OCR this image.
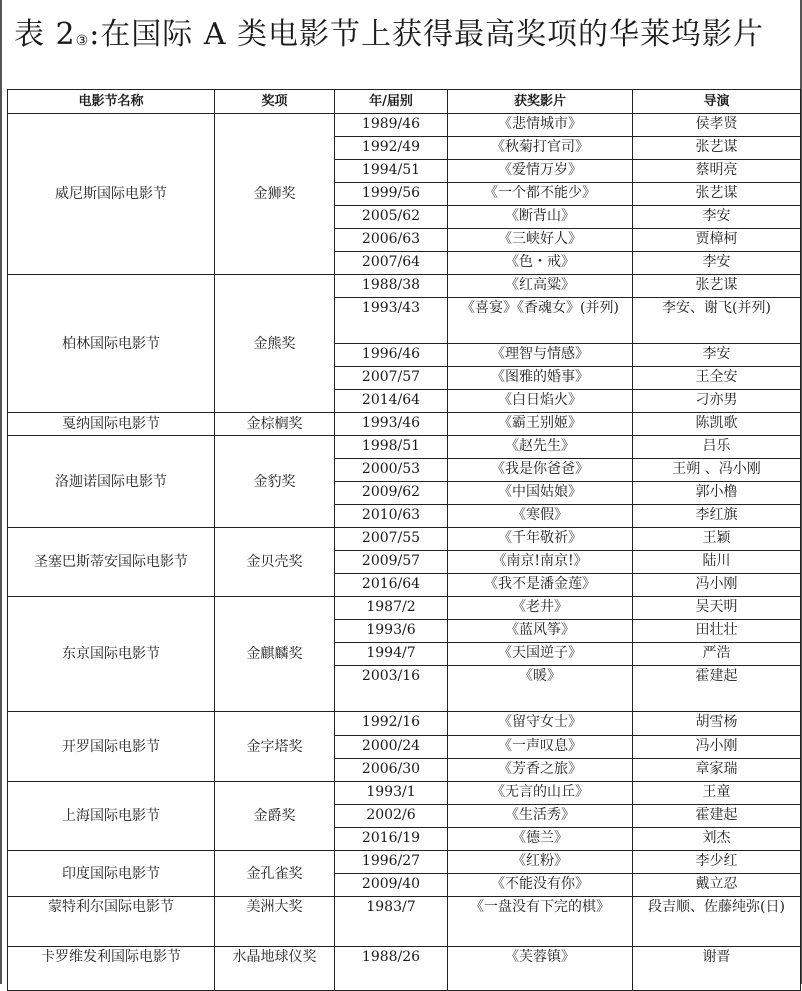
表 2③:在国际 A 类电影节上获得最高奖项的华莱坞影片
电影节名称	奖项	年/届别	获奖影片	导演
威尼斯国际电影节	金狮奖	1989/46	《悲情城市》	侯孝贤
		1992/49	《秋菊打官司》	张艺谋
		1994/51	《爱情万岁》	蔡明亮
		1999/56	《一个都不能少》	张艺谋
		2005/62	《断背山》	李安
		2006/63	《三峡好人》	贾樟柯
		2007/64	《色・戒》	李安
柏林国际电影节	金熊奖	1988/38	《红高粱》	张艺谋
		1993/43	《喜宴》《香魂女》(并列)	李安、谢飞(并列)
		1996/46	《理智与情感》	李安
		2007/57	《图雅的婚事》	王全安
		2014/64	《白日焰火》	刁亦男
戛纳国际电影节	金棕榈奖	1993/46	《霸王别姬》	陈凯歌
洛迦诺国际电影节	金豹奖	1998/51	《赵先生》	吕乐
		2000/53	《我是你爸爸》	王朔 、冯小刚
		2009/62	《中国姑娘》	郭小橹
		2010/63	《寒假》	李红旗
圣塞巴斯蒂安国际电影节	金贝壳奖	2007/55	《千年敬祈》	王颖
		2009/57	《南京!南京!》	陆川
		2016/64	《我不是潘金莲》	冯小刚
东京国际电影节	金麒麟奖	1987/2	《老井》	吴天明
		1993/6	《蓝风筝》	田壮壮
		1994/7	《天国逆子》	严浩
		2003/16	《暖》	霍建起
开罗国际电影节	金字塔奖	1992/16	《留守女士》	胡雪杨
		2000/24	《一声叹息》	冯小刚
		2006/30	《芳香之旅》	章家瑞
上海国际电影节	金爵奖	1993/1	《无言的山丘》	王童
		2002/6	《生活秀》	霍建起
		2016/19	《德兰》	刘杰
印度国际电影节	金孔雀奖	1996/27	《红粉》	李少红
		2009/40	《不能没有你》	戴立忍
蒙特利尔国际电影节	美洲大奖	1983/7	《一盘没有下完的棋》	段吉顺、佐藤纯弥(日)
卡罗维发利国际电影节	水晶地球仪奖	1988/26	《芙蓉镇》	谢晋
